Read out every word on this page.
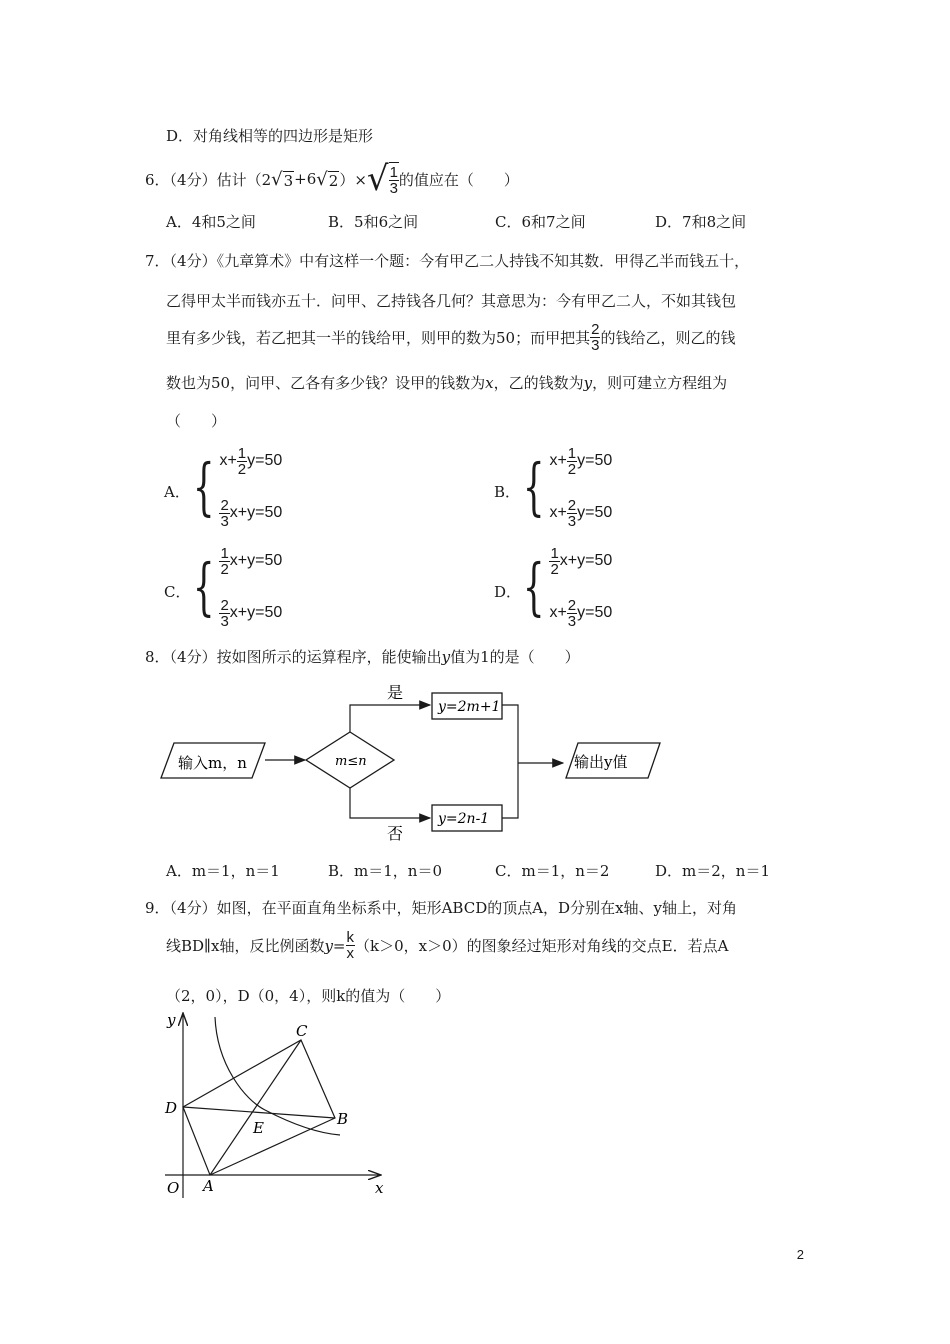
D．对角线相等的四边形是矩形
6．（4分）估计（2 √ 3 +6 √ 2 ）× √ $\frac{1}{3}$ 的值应在（　　）
A．4和5之间	B．5和6之间	C．6和7之间	D．7和8之间
7．（4分）《九章算术》中有这样一个题：今有甲乙二人持钱不知其数．甲得乙半而钱五十，
乙得甲太半而钱亦五十．问甲、乙持钱各几何？其意思为：今有甲乙二人，不如其钱包
里有多少钱，若乙把其一半的钱给甲，则甲的数为50；而甲把其 $\frac{2}{3}$ 的钱给乙，则乙的钱
数也为50，问甲、乙各有多少钱？设甲的钱数为x，乙的钱数为y，则可建立方程组为
（　　）
A． { $x+ \frac{1}{2} y=50$
$\frac{2}{3} x+y=50$
B． { $x+ \frac{1}{2} y=50$
$x+ \frac{2}{3} y=50$
C． { $\frac{1}{2} x+y=50$
$\frac{2}{3} x+y=50$
D． { $\frac{1}{2} x+y=50$
$x+ \frac{2}{3} y=50$
8．（4分）按如图所示的运算程序，能使输出y值为1的是（　　）
输入m，n	m≤n
是
y=2m+1
否
y=2n-1
输出y值
A．m＝1，n＝1	B．m＝1，n＝0	C．m＝1，n＝2	D．m＝2，n＝1
9．（4分）如图，在平面直角坐标系中，矩形ABCD的顶点A，D分别在x轴、y轴上，对角
线BD∥x轴，反比例函数 $y= \frac{k}{x} (k>0$，x＞0）的图象经过矩形对角线的交点E．若点A
（2，0），D（0，4），则k的值为（　　）
y
x
O A
B
C
D
E
2
